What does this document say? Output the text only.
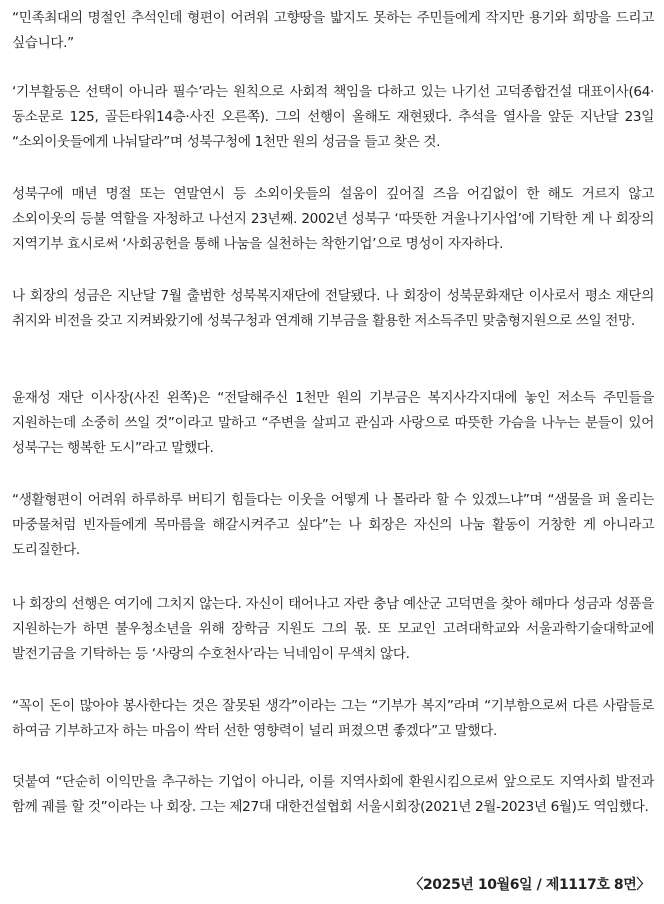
“민족최대의 명절인 추석인데 형편이 어려워 고향땅을 밟지도 못하는 주민들에게 작지만 용기와 희망을 드리고 싶습니다.”

‘기부활동은 선택이 아니라 필수’라는 원칙으로 사회적 책임을 다하고 있는 나기선 고덕종합건설 대표이사(64·동소문로 125, 골든타워14층·사진 오른쪽). 그의 선행이 올해도 재현됐다. 추석을 열사을 앞둔 지난달 23일 “소외이웃들에게 나눠달라”며 성북구청에 1천만 원의 성금을 들고 찾은 것.

성북구에 매년 명절 또는 연말연시 등 소외이웃들의 설움이 깊어질 즈음 어김없이 한 해도 거르지 않고 소외이웃의 등불 역할을 자청하고 나선지 23년째. 2002년 성북구 ‘따뜻한 겨울나기사업’에 기탁한 게 나 회장의 지역기부 효시로써 ‘사회공헌을 통해 나눔을 실천하는 착한기업’으로 명성이 자자하다.

나 회장의 성금은 지난달 7월 출범한 성북복지재단에 전달됐다. 나 회장이 성북문화재단 이사로서 평소 재단의 취지와 비전을 갖고 지켜봐왔기에 성북구청과 연계해 기부금을 활용한 저소득주민 맞춤형지원으로 쓰일 전망.

윤재성 재단 이사장(사진 왼쪽)은 “전달해주신 1천만 원의 기부금은 복지사각지대에 놓인 저소득 주민들을 지원하는데 소중히 쓰일 것”이라고 말하고 “주변을 살피고 관심과 사랑으로 따뜻한 가슴을 나누는 분들이 있어 성북구는 행복한 도시”라고 말했다.

“생활형편이 어려워 하루하루 버티기 힘들다는 이웃을 어떻게 나 몰라라 할 수 있겠느냐”며 “샘물을 퍼 올리는 마중물처럼 빈자들에게 목마름을 해갈시켜주고 싶다”는 나 회장은 자신의 나눔 활동이 거창한 게 아니라고 도리질한다.

나 회장의 선행은 여기에 그치지 않는다. 자신이 태어나고 자란 충남 예산군 고덕면을 찾아 해마다 성금과 성품을 지원하는가 하면 불우청소년을 위해 장학금 지원도 그의 몫. 또 모교인 고려대학교와 서울과학기술대학교에 발전기금을 기탁하는 등 ‘사랑의 수호천사’라는 닉네임이 무색치 않다.

“꼭이 돈이 많아야 봉사한다는 것은 잘못된 생각”이라는 그는 “기부가 복지”라며 “기부함으로써 다른 사람들로 하여금 기부하고자 하는 마음이 싹터 선한 영향력이 널리 퍼졌으면 좋겠다”고 말했다.

덧붙여 “단순히 이익만을 추구하는 기업이 아니라, 이를 지역사회에 환원시킴으로써 앞으로도 지역사회 발전과 함께 궤를 할 것”이라는 나 회장. 그는 제27대 대한건설협회 서울시회장(2021년 2월-2023년 6월)도 역임했다.

〈2025년 10월6일 / 제1117호 8면〉
